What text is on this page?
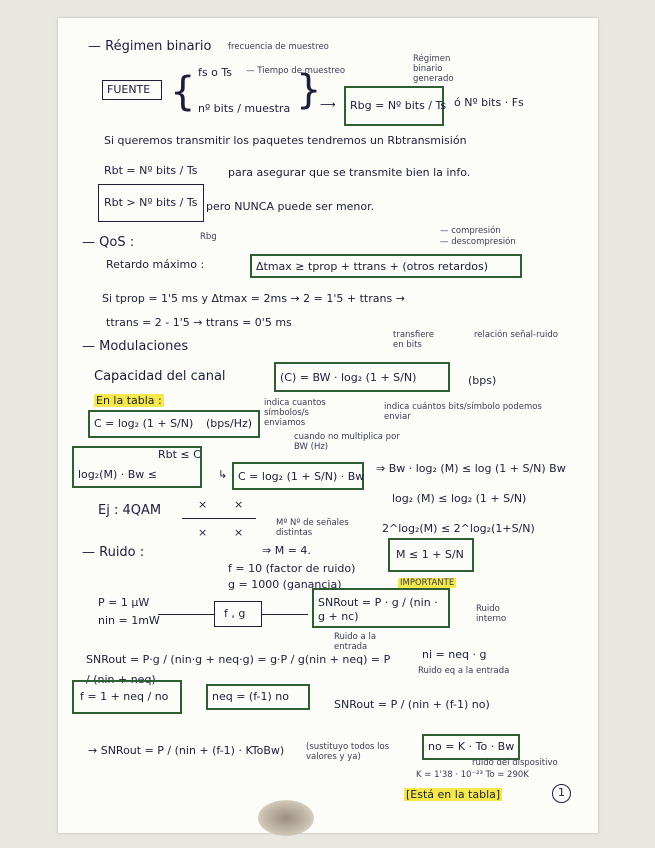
— Régimen binario frecuencia de muestreo
fs o Ts — Tiempo de muestreo
Régimen binario generado
FUENTE { nº bits / muestra }
⟶ Rbg = Nº bits / Ts ó Nº bits · Fs
Si queremos transmitir los paquetes tendremos un Rbtransmisión
Rbt = Nº bits / Ts	para asegurar que se transmite bien la info.
Rbt > Nº bits / Ts pero NUNCA puede ser menor.
Rbg
— compresión
— descompresión
— QoS :
Retardo máximo :	Δtmax ≥ tprop + ttrans + (otros retardos)
Si tprop = 1'5 ms y Δtmax = 2ms → 2 = 1'5 + ttrans →
ttrans = 2 - 1'5 → ttrans = 0'5 ms
transfiere en bits
relación señal-ruido
— Modulaciones
Capacidad del canal	(C) = BW · log₂ (1 + S/N)	(bps)
En la tabla :	indica cuantos símbolos/s enviamos
indica cuántos bits/símbolo podemos enviar
C = log₂ (1 + S/N) (bps/Hz)
cuando no multiplica por BW (Hz)
Rbt ≤ C
log₂(M) · Bw ≤	↳ C = log₂ (1 + S/N) · Bw
⇒ Bw · log₂ (M) ≤ log (1 + S/N) Bw
log₂ (M) ≤ log₂ (1 + S/N)
Ej : 4QAM	× ×
× ×
Mº Nº de señales distintas	2^log₂(M) ≤ 2^log₂(1+S/N)
— Ruido :	⇒ M = 4.	M ≤ 1 + S/N
f = 10 (factor de ruido)
g = 1000 (ganancia)	IMPORTANTE
P = 1 µW
nin = 1mW
f , g
SNRout = P · g / (nin · g + nc)
Ruido interno
Ruido a la entrada
SNRout = P·g / (nin·g + neq·g) = g·P / g(nin + neq) = P / (nin + neq)
ni = neq · g
Ruido eq a la entrada
f = 1 + neq / no	neq = (f-1) no
SNRout = P / (nin + (f-1) no)
→ SNRout = P / (nin + (f-1) · KToBw)	(sustituyo todos los valores y ya)
no = K · To · Bw
K = 1'38 · 10⁻²³ To = 290K
ruido del dispositivo
[Está en la tabla]	1
